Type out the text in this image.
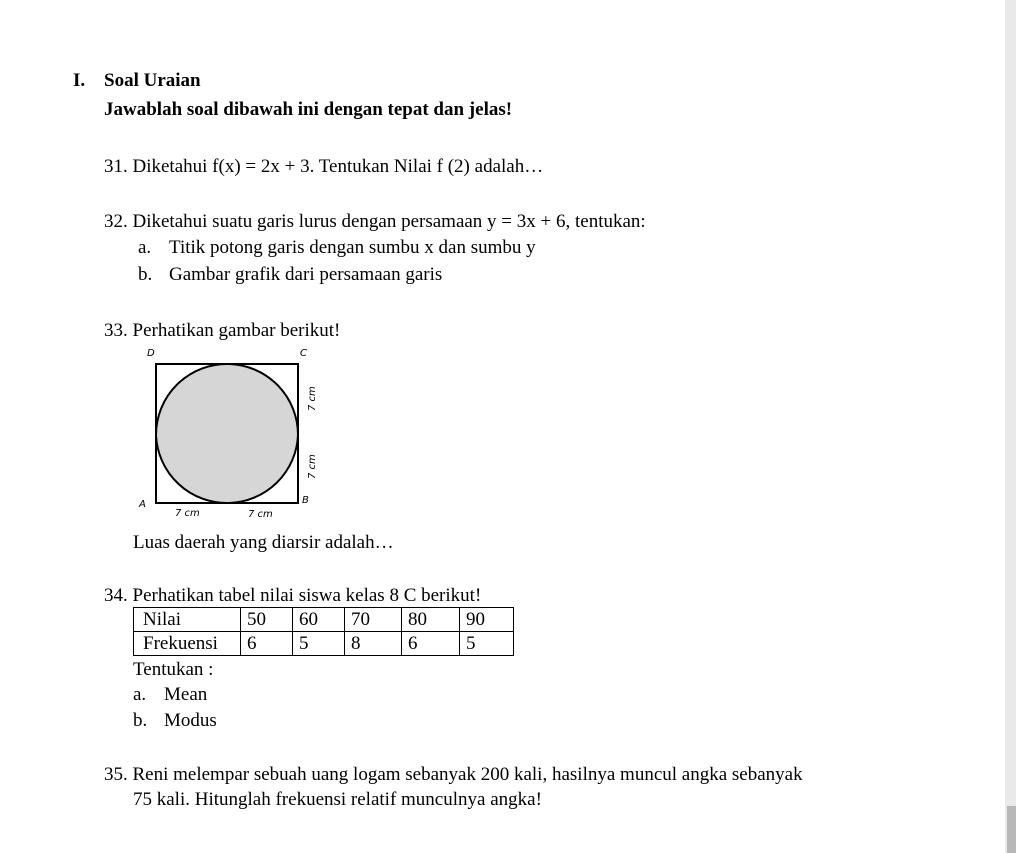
I. Soal Uraian
Jawablah soal dibawah ini dengan tepat dan jelas!
31. Diketahui f(x) = 2x + 3. Tentukan Nilai f (2) adalah…
32. Diketahui suatu garis lurus dengan persamaan y = 3x + 6, tentukan:
a. Titik potong garis dengan sumbu x dan sumbu y
b. Gambar grafik dari persamaan garis
33. Perhatikan gambar berikut!
D	C
A	B
7 cm	7 cm
7 cm
7 cm
Luas daerah yang diarsir adalah…
34. Perhatikan tabel nilai siswa kelas 8 C berikut!
Nilai	50	60	70	80	90
Frekuensi	6	5	8	6	5
Tentukan :
a. Mean
b. Modus
35. Reni melempar sebuah uang logam sebanyak 200 kali, hasilnya muncul angka sebanyak
75 kali. Hitunglah frekuensi relatif munculnya angka!
